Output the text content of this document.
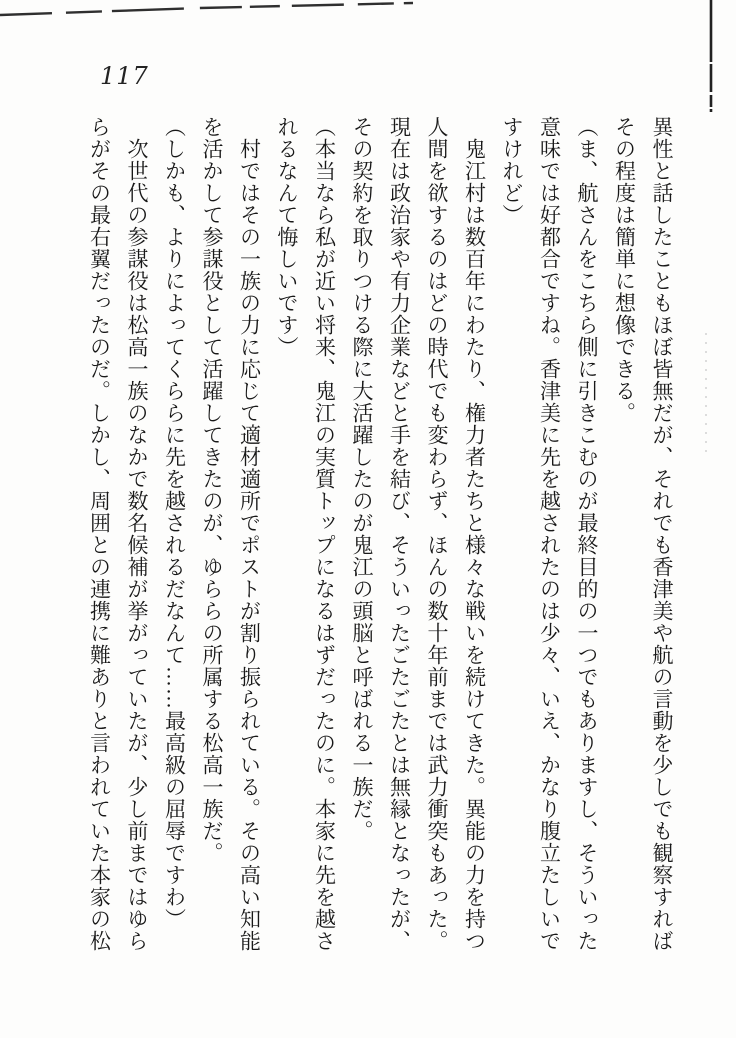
117

異性と話したこともほぼ皆無だが、それでも香津美や航の言動を少しでも観察すれば

その程度は簡単に想像できる。

（ま、航さんをこちら側に引きこむのが最終目的の一つでもありますし、そういった

意味では好都合ですね。香津美に先を越されたのは少々、いえ、かなり腹立たしいで

すけれど）

　鬼江村は数百年にわたり、権力者たちと様々な戦いを続けてきた。異能の力を持つ

人間を欲するのはどの時代でも変わらず、ほんの数十年前までは武力衝突もあった。

現在は政治家や有力企業などと手を結び、そういったごたごたとは無縁となったが、

その契約を取りつける際に大活躍したのが鬼江の頭脳と呼ばれる一族だ。

（本当なら私が近い将来、鬼江の実質トップになるはずだったのに。本家に先を越さ

れるなんて悔しいです）

　村ではその一族の力に応じて適材適所でポストが割り振られている。その高い知能

を活かして参謀役として活躍してきたのが、ゆららの所属する松高一族だ。

（しかも、よりによってくららに先を越されるだなんて……最高級の屈辱ですわ）

　次世代の参謀役は松高一族のなかで数名候補が挙がっていたが、少し前まではゆら

らがその最右翼だったのだ。しかし、周囲との連携に難ありと言われていた本家の松
